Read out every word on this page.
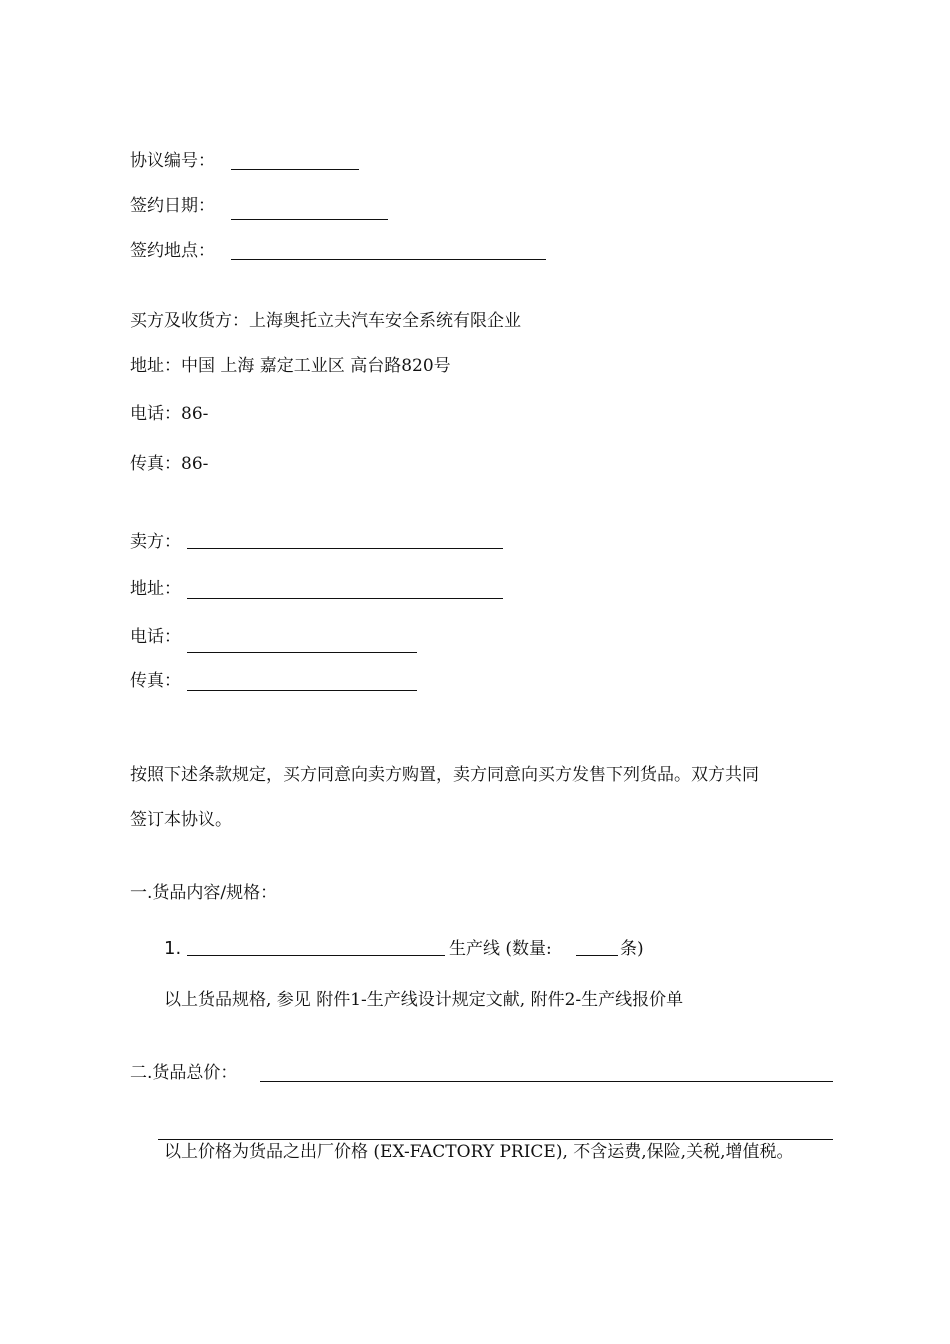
协议编号：
签约日期：
签约地点：
买方及收货方：上海奥托立夫汽车安全系统有限企业
地址：中国 上海 嘉定工业区 高台路820号
电话：86-
传真：86-
卖方：
地址：
电话：
传真：
按照下述条款规定，买方同意向卖方购置，卖方同意向买方发售下列货品。双方共同
签订本协议。
一.货品内容/规格：
1.	生产线 (数量:	条)
以上货品规格, 参见 附件1-生产线设计规定文献, 附件2-生产线报价单
二.货品总价：
以上价格为货品之出厂价格 (EX-FACTORY PRICE), 不含运费,保险,关税,增值税。
